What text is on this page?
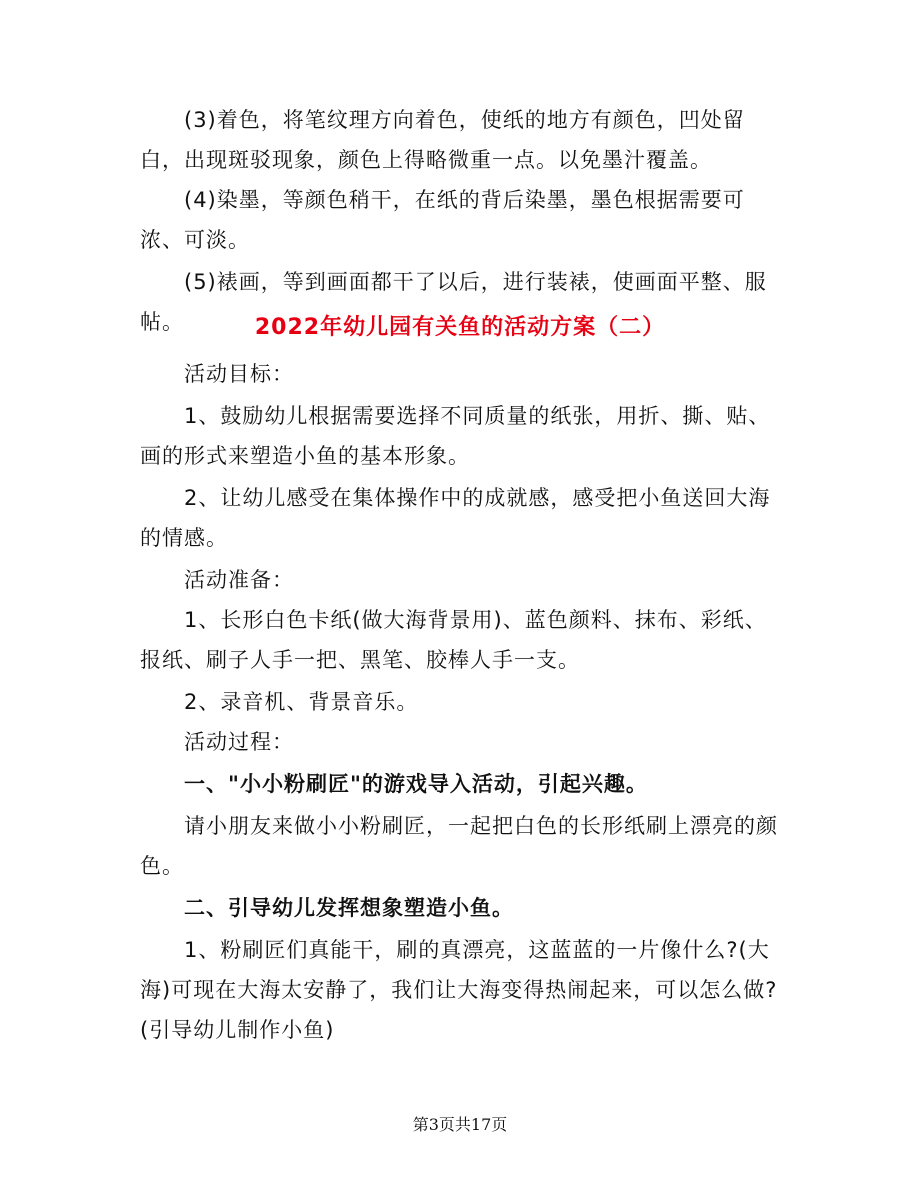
　　(3)着色，将笔纹理方向着色，使纸的地方有颜色，凹处留白，出现斑驳现象，颜色上得略微重一点。以免墨汁覆盖。

　　(4)染墨，等颜色稍干，在纸的背后染墨，墨色根据需要可浓、可淡。

　　(5)裱画，等到画面都干了以后，进行装裱，使画面平整、服帖。	2022年幼儿园有关鱼的活动方案（二）

　　活动目标：

　　1、鼓励幼儿根据需要选择不同质量的纸张，用折、撕、贴、画的形式来塑造小鱼的基本形象。

　　2、让幼儿感受在集体操作中的成就感，感受把小鱼送回大海的情感。

　　活动准备：

　　1、长形白色卡纸(做大海背景用)、蓝色颜料、抹布、彩纸、报纸、刷子人手一把、黑笔、胶棒人手一支。

　　2、录音机、背景音乐。

　　活动过程：

　　一、"小小粉刷匠"的游戏导入活动，引起兴趣。

　　请小朋友来做小小粉刷匠，一起把白色的长形纸刷上漂亮的颜色。

　　二、引导幼儿发挥想象塑造小鱼。

　　1、粉刷匠们真能干，刷的真漂亮，这蓝蓝的一片像什么?(大海)可现在大海太安静了，我们让大海变得热闹起来，可以怎么做?(引导幼儿制作小鱼)

第3页共17页
